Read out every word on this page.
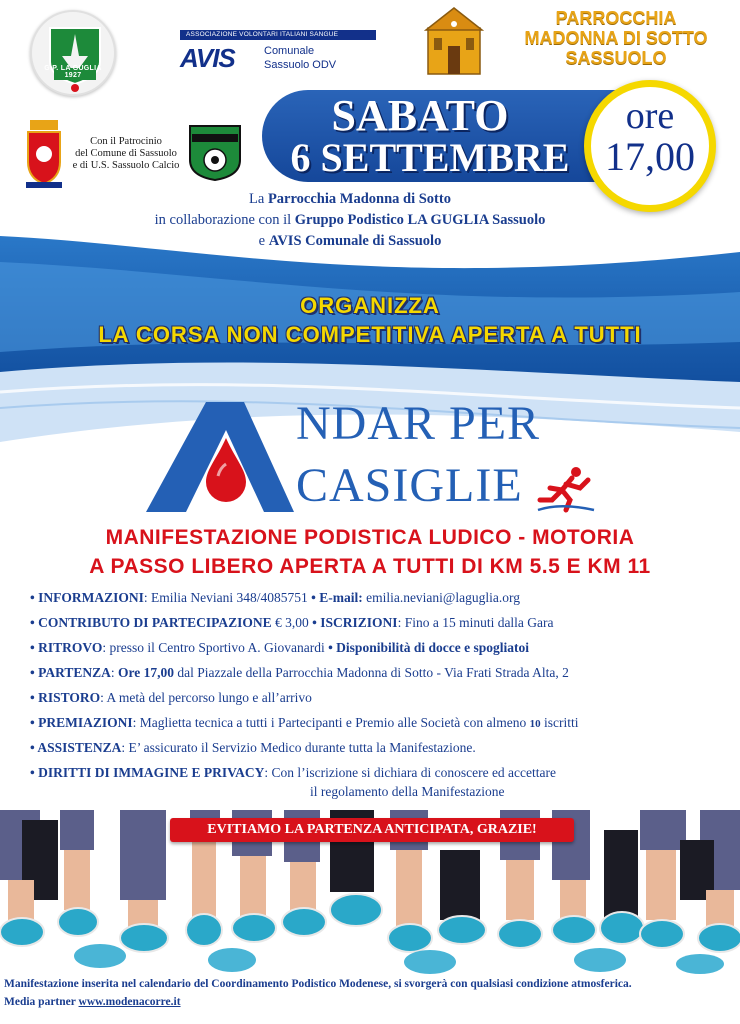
G.P. LA GUGLIA 1927
ASSOCIAZIONE VOLONTARI ITALIANI SANGUE
AVIS	Comunale
Sassuolo ODV
PARROCCHIA
MADONNA DI SOTTO
SASSUOLO
Con il Patrocinio
del Comune di Sassuolo
e di U.S. Sassuolo Calcio
SABATO
6 SETTEMBRE
ore
17,00
La Parrocchia Madonna di Sotto
in collaborazione con il Gruppo Podistico LA GUGLIA Sassuolo
e AVIS Comunale di Sassuolo
ORGANIZZA
LA CORSA NON COMPETITIVA APERTA A TUTTI
NDAR PER
CASIGLIE
MANIFESTAZIONE PODISTICA LUDICO - MOTORIA
A PASSO LIBERO APERTA A TUTTI DI KM 5.5 E KM 11
• INFORMAZIONI: Emilia Neviani 348/4085751 • E-mail: emilia.neviani@laguglia.org
• CONTRIBUTO DI PARTECIPAZIONE € 3,00 • ISCRIZIONI: Fino a 15 minuti dalla Gara
• RITROVO: presso il Centro Sportivo A. Giovanardi • Disponibilità di docce e spogliatoi
• PARTENZA: Ore 17,00 dal Piazzale della Parrocchia Madonna di Sotto - Via Frati Strada Alta, 2
• RISTORO: A metà del percorso lungo e all’arrivo
• PREMIAZIONI: Maglietta tecnica a tutti i Partecipanti e Premio alle Società con almeno 10 iscritti
• ASSISTENZA: E’ assicurato il Servizio Medico durante tutta la Manifestazione.
• DIRITTI DI IMMAGINE E PRIVACY: Con l’iscrizione si dichiara di conoscere ed accettare
il regolamento della Manifestazione
EVITIAMO LA PARTENZA ANTICIPATA, GRAZIE!
Manifestazione inserita nel calendario del Coordinamento Podistico Modenese, si svorgerà con qualsiasi condizione atmosferica.
Media partner www.modenacorre.it
